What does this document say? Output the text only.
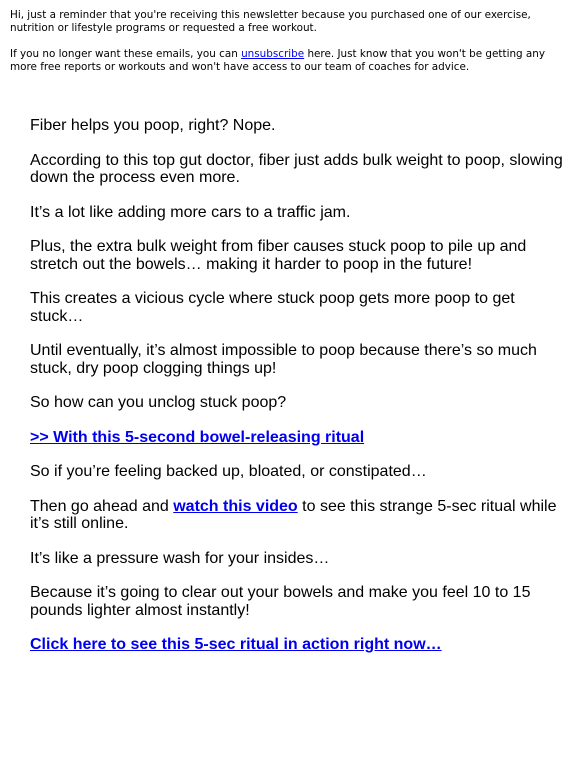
Hi, just a reminder that you're receiving this newsletter because you purchased one of our exercise, nutrition or lifestyle programs or requested a free workout.

If you no longer want these emails, you can unsubscribe here. Just know that you won't be getting any more free reports or workouts and won't have access to our team of coaches for advice.

Fiber helps you poop, right? Nope.

According to this top gut doctor, fiber just adds bulk weight to poop, slowing down the process even more.

It’s a lot like adding more cars to a traffic jam.

Plus, the extra bulk weight from fiber causes stuck poop to pile up and stretch out the bowels… making it harder to poop in the future!

This creates a vicious cycle where stuck poop gets more poop to get stuck…

Until eventually, it’s almost impossible to poop because there’s so much stuck, dry poop clogging things up!

So how can you unclog stuck poop?

>> With this 5-second bowel-releasing ritual

So if you’re feeling backed up, bloated, or constipated…

Then go ahead and watch this video to see this strange 5-sec ritual while it’s still online.

It’s like a pressure wash for your insides…

Because it’s going to clear out your bowels and make you feel 10 to 15 pounds lighter almost instantly!

Click here to see this 5-sec ritual in action right now…
